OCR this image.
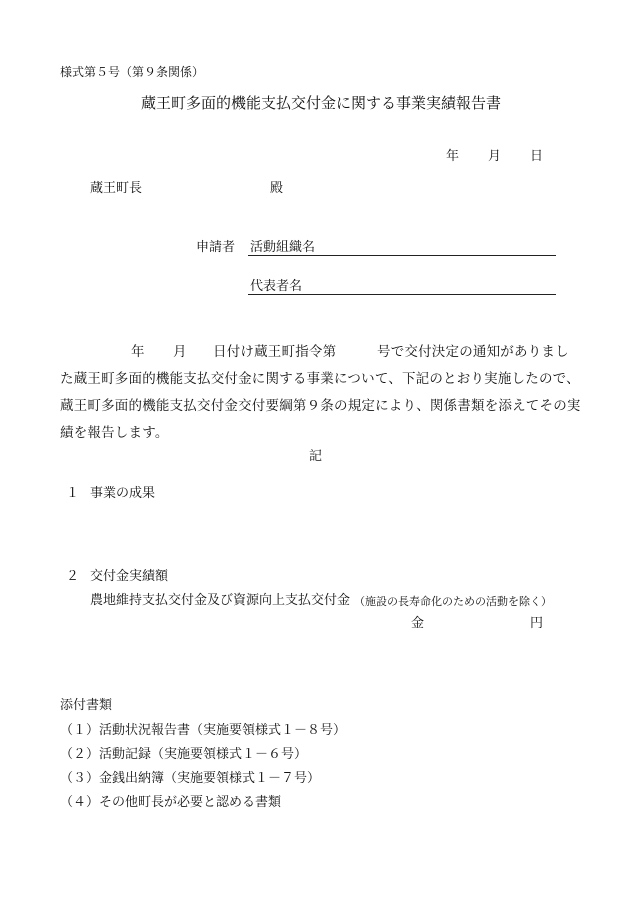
様式第５号（第９条関係）
蔵王町多面的機能支払交付金に関する事業実績報告書
年 月 日
蔵王町長	殿
申請者 活動組織名
代表者名
年 月 日付け蔵王町指令第	号で交付決定の通知がありまし
た蔵王町多面的機能支払交付金に関する事業について、下記のとおり実施したので、
蔵王町多面的機能支払交付金交付要綱第９条の規定により、関係書類を添えてその実
績を報告します。
記
１ 事業の成果
２ 交付金実績額
農地維持支払交付金及び資源向上支払交付金 （施設の長寿命化のための活動を除く）
金	円
添付書類
（１）活動状況報告書（実施要領様式１－８号）
（２）活動記録（実施要領様式１－６号）
（３）金銭出納簿（実施要領様式１－７号）
（４）その他町長が必要と認める書類
